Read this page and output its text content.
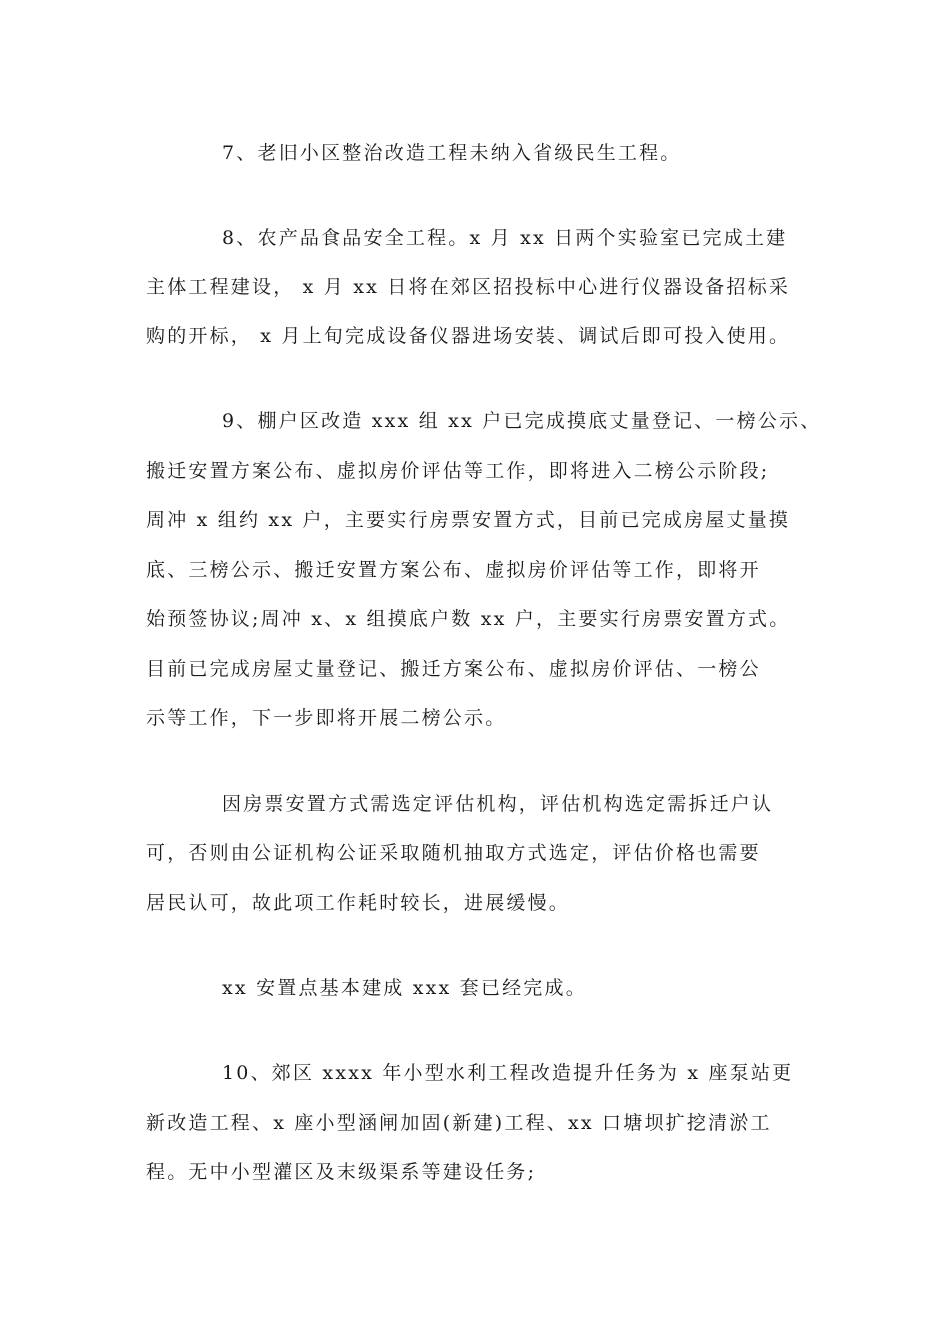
7、老旧小区整治改造工程未纳入省级民生工程。
8、农产品食品安全工程。x 月 xx 日两个实验室已完成土建
主体工程建设， x 月 xx 日将在郊区招投标中心进行仪器设备招标采
购的开标， x 月上旬完成设备仪器进场安装、调试后即可投入使用。
9、棚户区改造 xxx 组 xx 户已完成摸底丈量登记、一榜公示、
搬迁安置方案公布、虚拟房价评估等工作，即将进入二榜公示阶段;
周冲 x 组约 xx 户，主要实行房票安置方式，目前已完成房屋丈量摸
底、三榜公示、搬迁安置方案公布、虚拟房价评估等工作，即将开
始预签协议;周冲 x、x 组摸底户数 xx 户，主要实行房票安置方式。
目前已完成房屋丈量登记、搬迁方案公布、虚拟房价评估、一榜公
示等工作，下一步即将开展二榜公示。
因房票安置方式需选定评估机构，评估机构选定需拆迁户认
可，否则由公证机构公证采取随机抽取方式选定，评估价格也需要
居民认可，故此项工作耗时较长，进展缓慢。
xx 安置点基本建成 xxx 套已经完成。
10、郊区 xxxx 年小型水利工程改造提升任务为 x 座泵站更
新改造工程、x 座小型涵闸加固(新建)工程、xx 口塘坝扩挖清淤工
程。无中小型灌区及末级渠系等建设任务;
